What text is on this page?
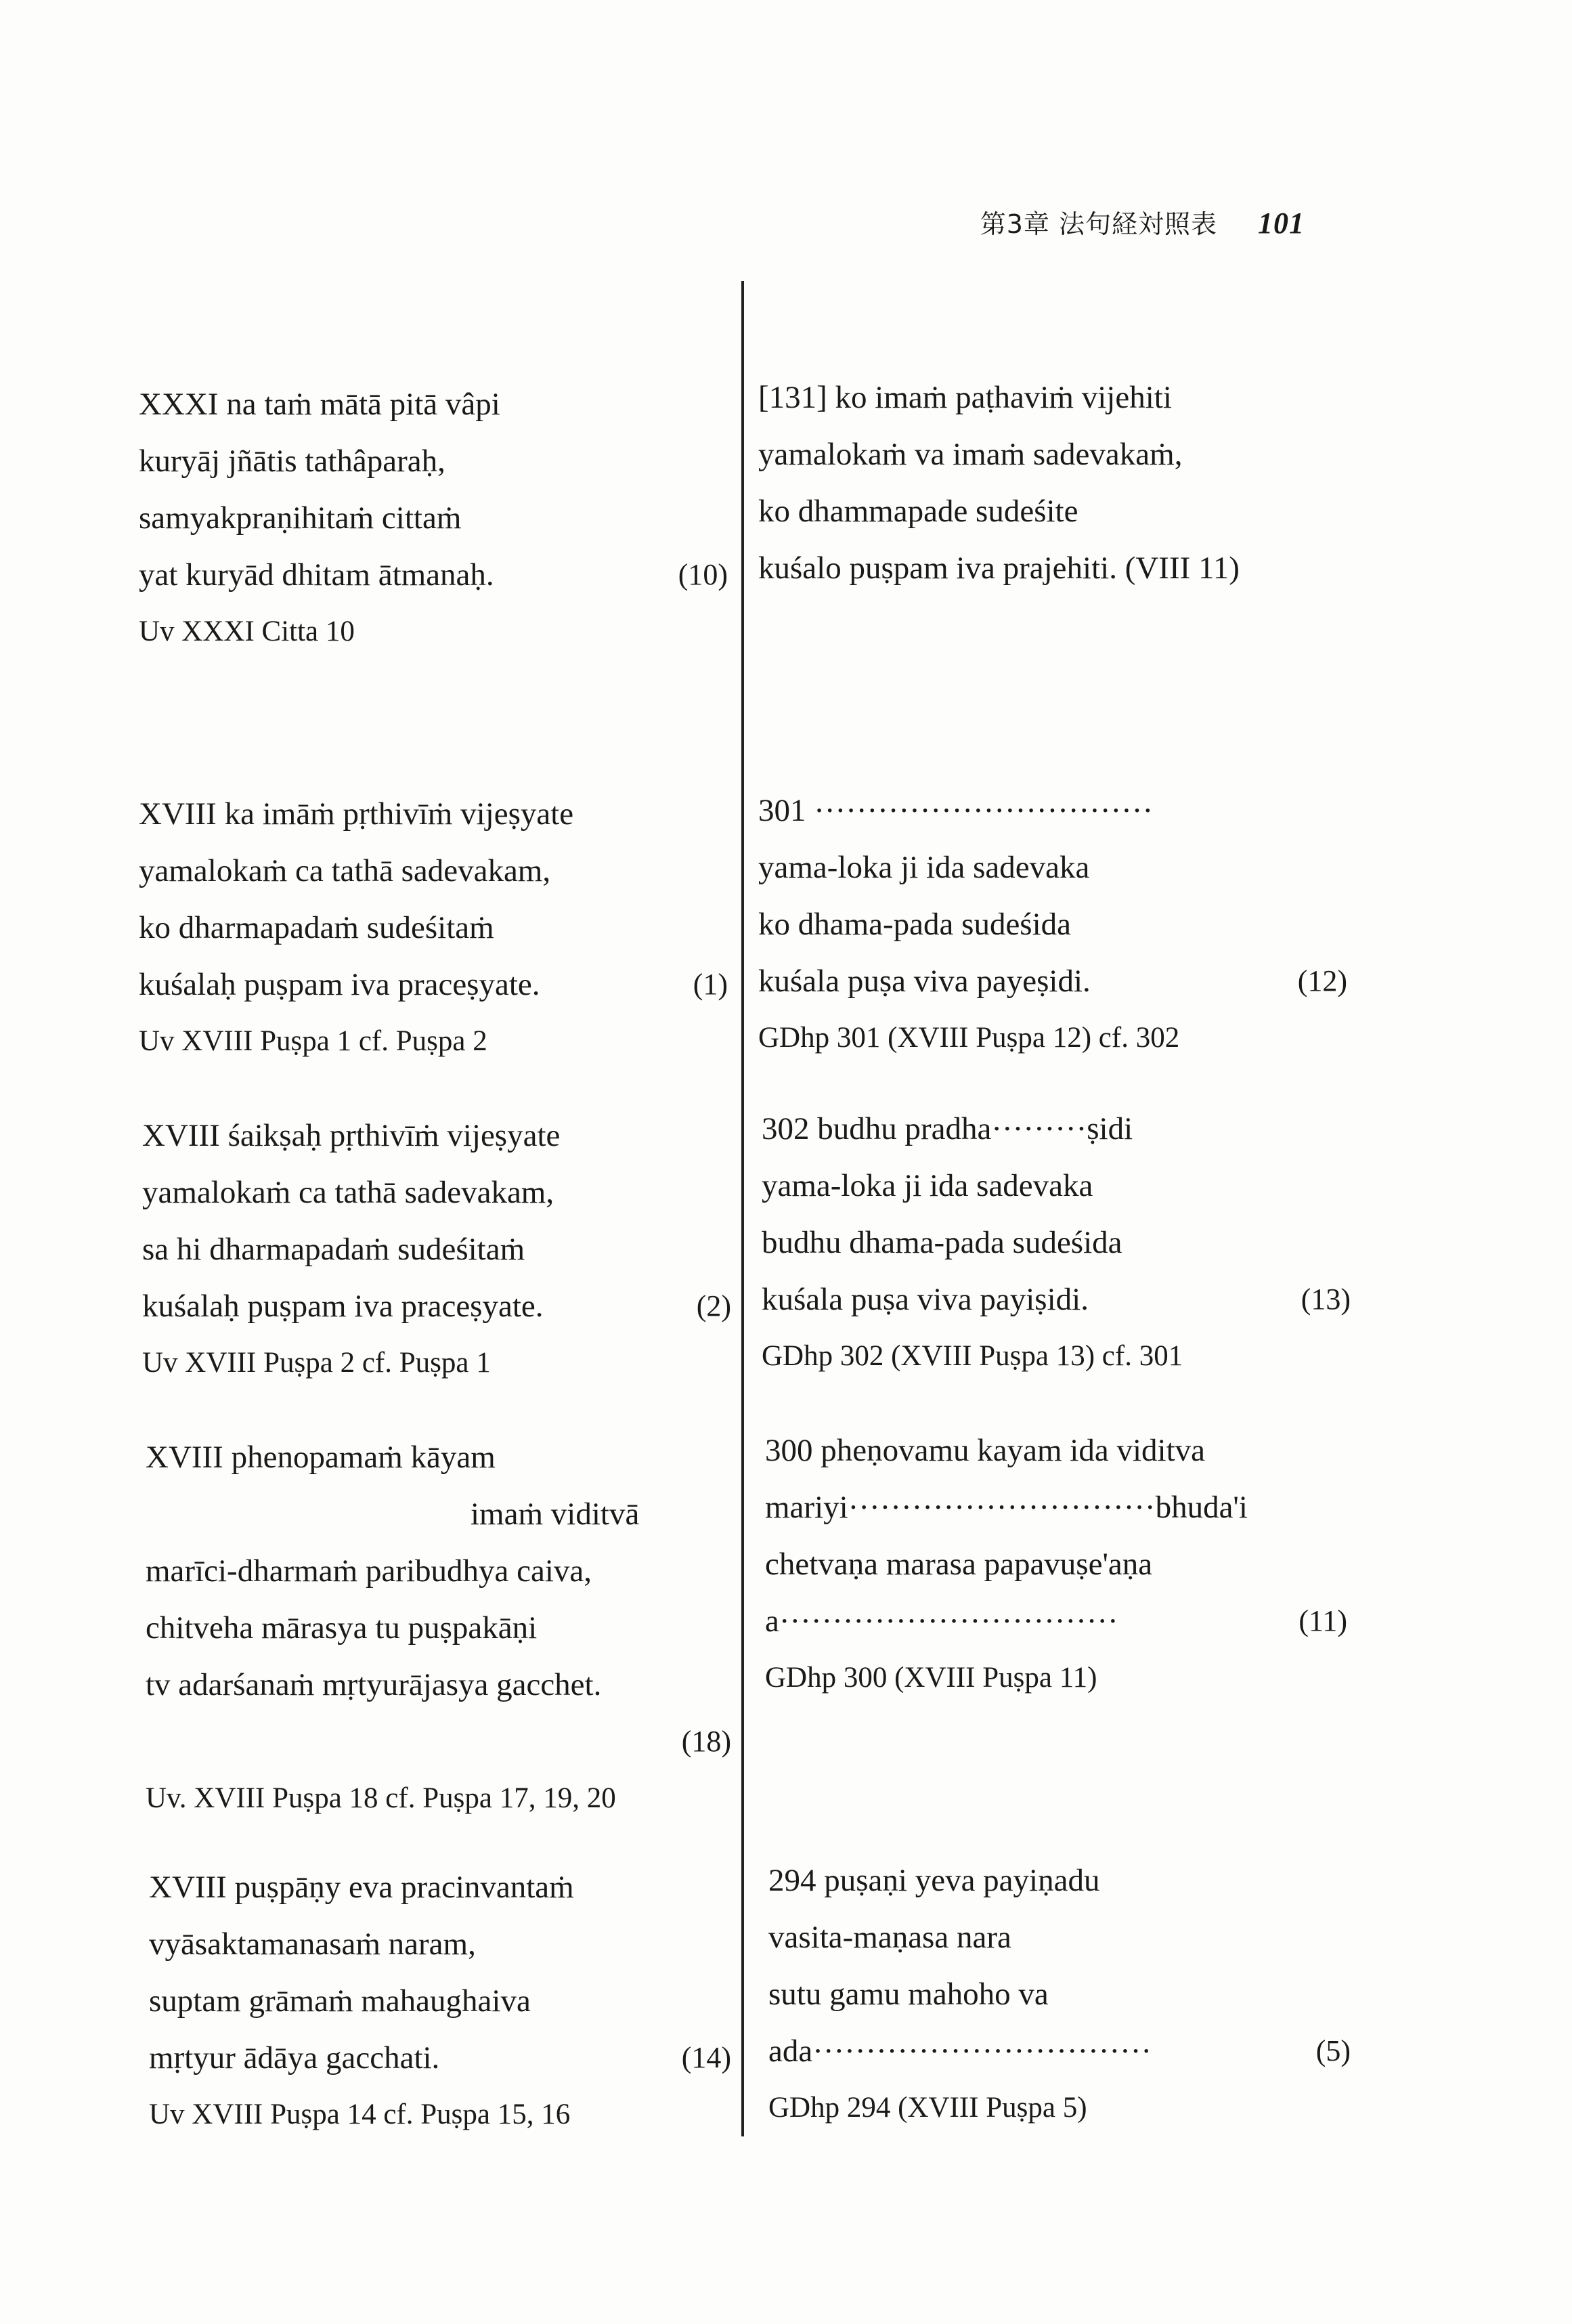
第3章 法句経対照表 101
XXXI na taṁ mātā pitā vâpi
kuryāj jñātis tathâparaḥ,
samyakpraṇihitaṁ cittaṁ
yat kuryād dhitam ātmanaḥ.	(10)
Uv XXXI Citta 10
XVIII ka imāṁ pṛthivīṁ vijeṣyate
yamalokaṁ ca tathā sadevakam,
ko dharmapadaṁ sudeśitaṁ
kuśalaḥ puṣpam iva praceṣyate.	(1)
Uv XVIII Puṣpa 1 cf. Puṣpa 2
XVIII śaikṣaḥ pṛthivīṁ vijeṣyate
yamalokaṁ ca tathā sadevakam,
sa hi dharmapadaṁ sudeśitaṁ
kuśalaḥ puṣpam iva praceṣyate.	(2)
Uv XVIII Puṣpa 2 cf. Puṣpa 1
XVIII phenopamaṁ kāyam
imaṁ viditvā
marīci-dharmaṁ paribudhya caiva,
chitveha mārasya tu puṣpakāṇi
tv adarśanaṁ mṛtyurājasya gacchet.
(18)

Uv. XVIII Puṣpa 18 cf. Puṣpa 17, 19, 20
XVIII puṣpāṇy eva pracinvantaṁ
vyāsaktamanasaṁ naram,
suptam grāmaṁ mahaughaiva
mṛtyur ādāya gacchati.	(14)
Uv XVIII Puṣpa 14 cf. Puṣpa 15, 16
[131] ko imaṁ paṭhaviṁ vijehiti
yamalokaṁ va imaṁ sadevakaṁ,
ko dhammapade sudeśite
kuśalo puṣpam iva prajehiti. (VIII 11)
301 ································
yama-loka ji ida sadevaka
ko dhama-pada sudeśida
kuśala puṣa viva payeṣidi.	(12)
GDhp 301 (XVIII Puṣpa 12) cf. 302
302 budhu pradha·········ṣidi
yama-loka ji ida sadevaka
budhu dhama-pada sudeśida
kuśala puṣa viva payiṣidi.	(13)
GDhp 302 (XVIII Puṣpa 13) cf. 301
300 pheṇovamu kayam ida viditva
mariyi·····························bhuda'i
chetvaṇa marasa papavuṣe'aṇa
a································	(11)
GDhp 300 (XVIII Puṣpa 11)
294 puṣaṇi yeva payiṇadu
vasita-maṇasa nara
sutu gamu mahoho va
ada································	(5)
GDhp 294 (XVIII Puṣpa 5)
